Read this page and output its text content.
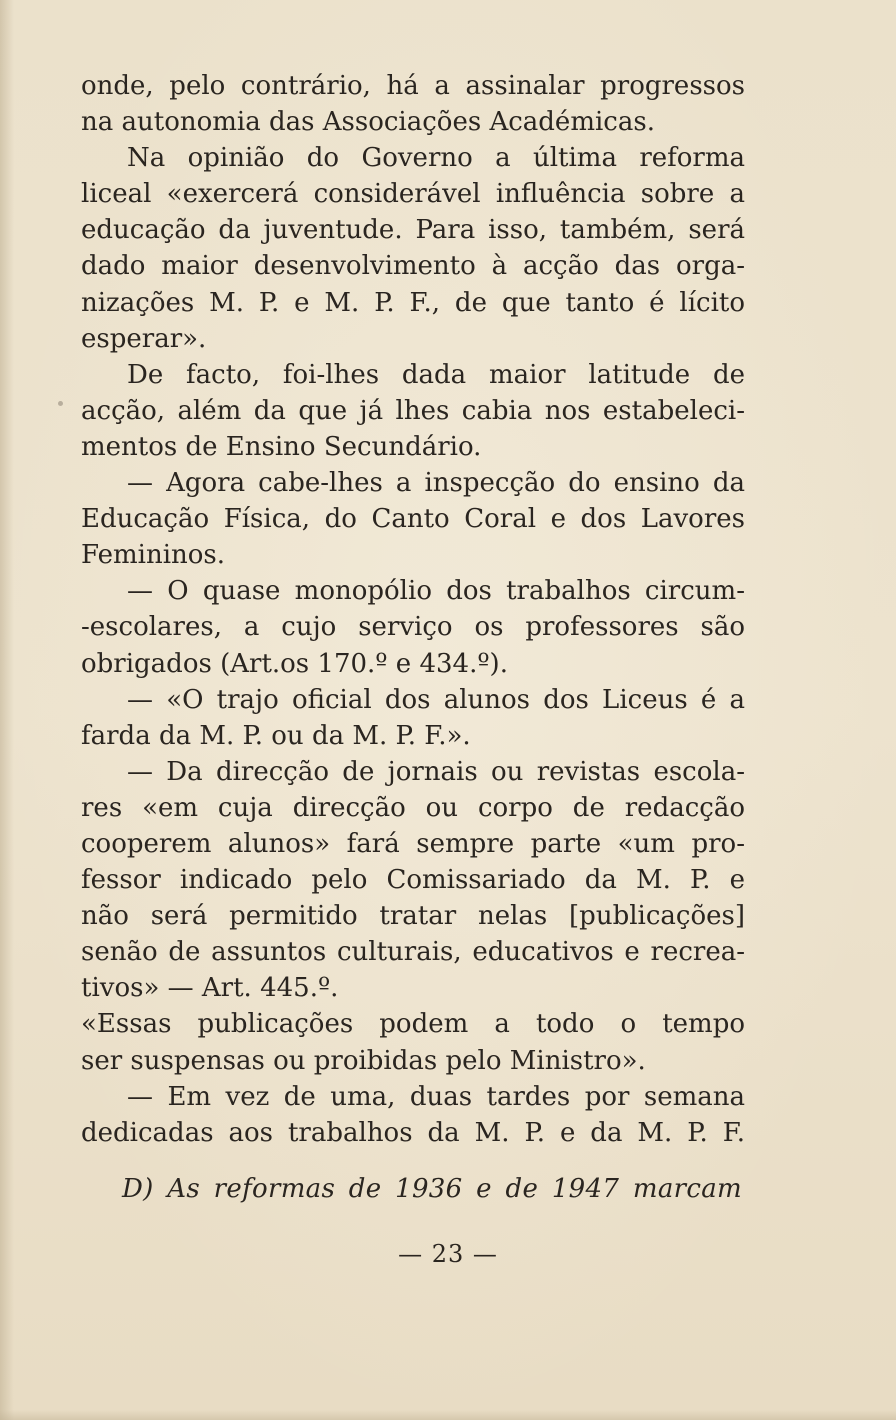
onde, pelo contrário, há a assinalar progressos
na autonomia das Associações Académicas.
Na opinião do Governo a última reforma
liceal «exercerá considerável influência sobre a
educação da juventude. Para isso, também, será
dado maior desenvolvimento à acção das orga-
nizações M. P. e M. P. F., de que tanto é lícito
esperar».
De facto, foi-lhes dada maior latitude de
acção, além da que já lhes cabia nos estabeleci-
mentos de Ensino Secundário.
— Agora cabe-lhes a inspecção do ensino da
Educação Física, do Canto Coral e dos Lavores
Femininos.
— O quase monopólio dos trabalhos circum-
-escolares, a cujo serviço os professores são
obrigados (Art.os 170.º e 434.º).
— «O trajo oficial dos alunos dos Liceus é a
farda da M. P. ou da M. P. F.».
— Da direcção de jornais ou revistas escola-
res «em cuja direcção ou corpo de redacção
cooperem alunos» fará sempre parte «um pro-
fessor indicado pelo Comissariado da M. P. e
não será permitido tratar nelas [publicações]
senão de assuntos culturais, educativos e recrea-
tivos» — Art. 445.º.
«Essas publicações podem a todo o tempo
ser suspensas ou proibidas pelo Ministro».
— Em vez de uma, duas tardes por semana
dedicadas aos trabalhos da M. P. e da M. P. F.
D) As reformas de 1936 e de 1947 marcam
— 23 —
